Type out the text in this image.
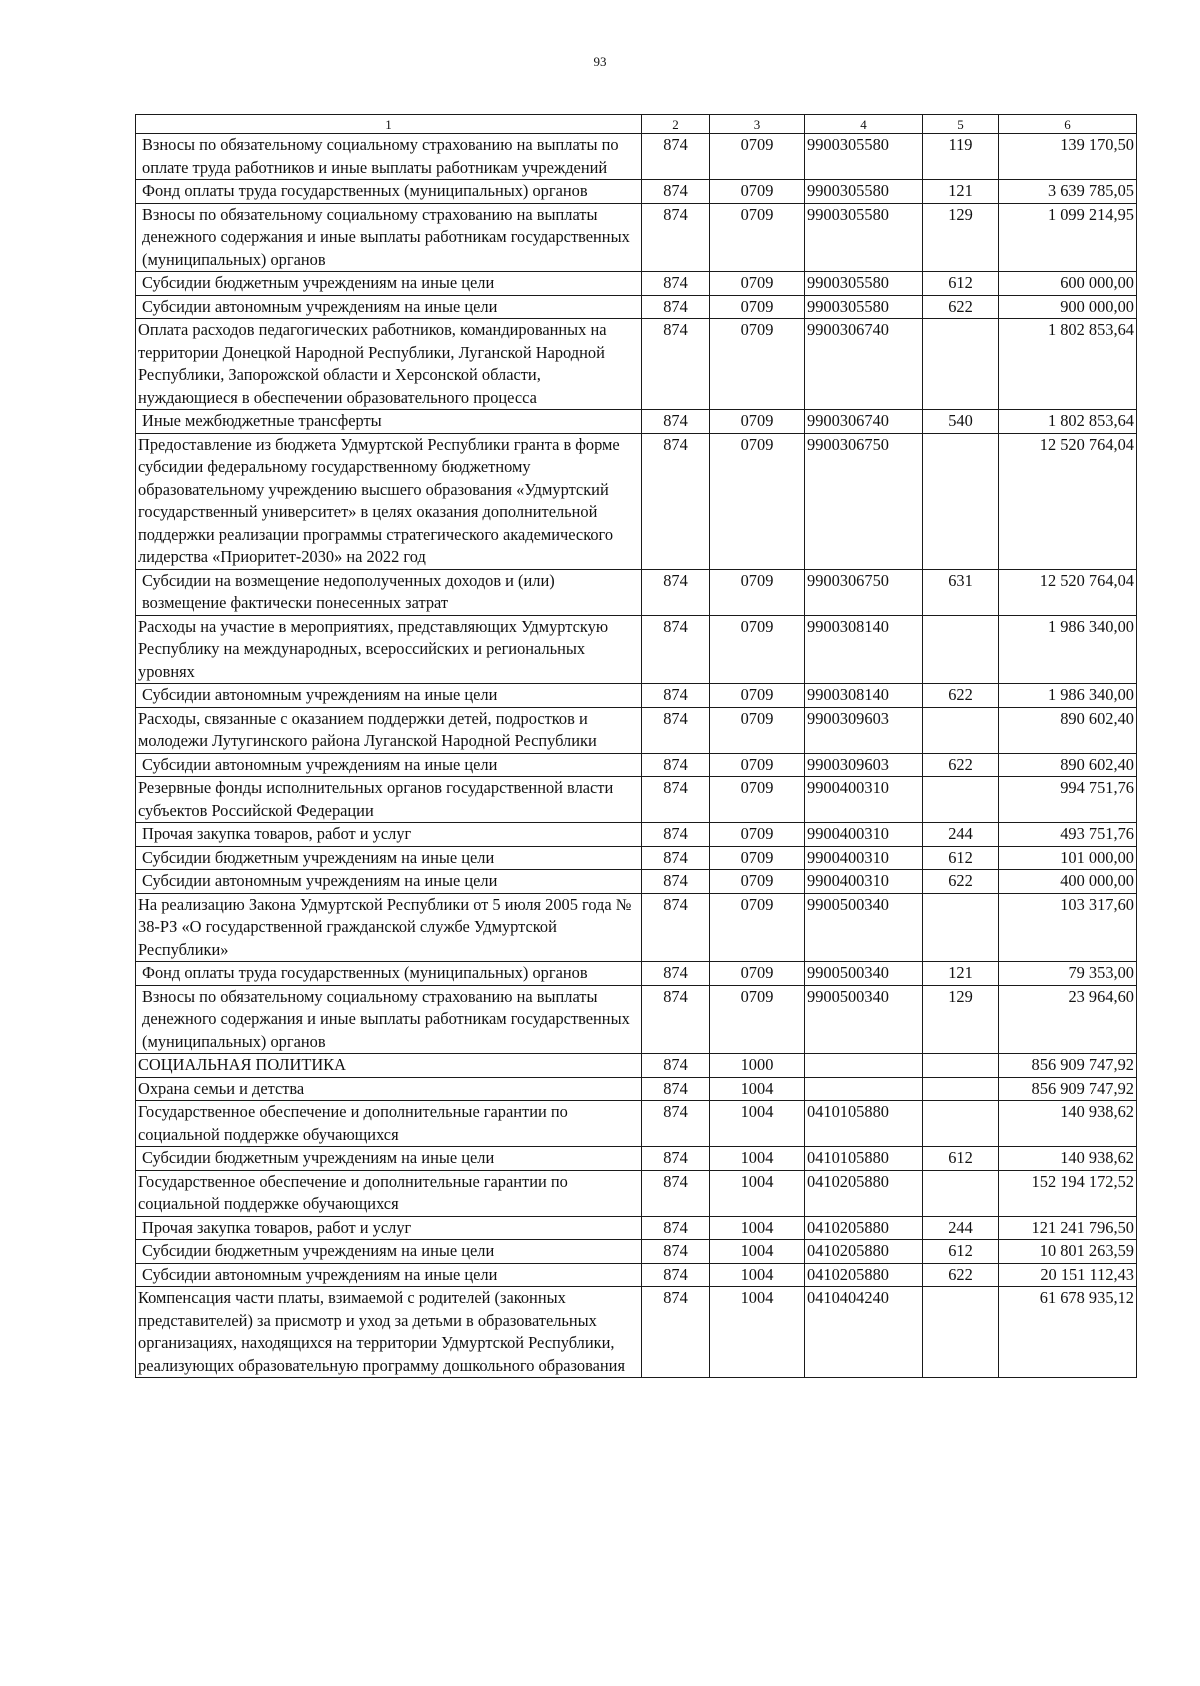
93
1	2	3	4	5	6
Взносы по обязательному социальному страхованию на выплаты по оплате труда работников и иные выплаты работникам учреждений	874	0709	9900305580	119	139 170,50
Фонд оплаты труда государственных (муниципальных) органов	874	0709	9900305580	121	3 639 785,05
Взносы по обязательному социальному страхованию на выплаты денежного содержания и иные выплаты работникам государственных (муниципальных) органов	874	0709	9900305580	129	1 099 214,95
Субсидии бюджетным учреждениям на иные цели	874	0709	9900305580	612	600 000,00
Субсидии автономным учреждениям на иные цели	874	0709	9900305580	622	900 000,00
Оплата расходов педагогических работников, командированных на территории Донецкой Народной Республики, Луганской Народной Республики, Запорожской области и Херсонской области, нуждающиеся в обеспечении образовательного процесса	874	0709	9900306740		1 802 853,64
Иные межбюджетные трансферты	874	0709	9900306740	540	1 802 853,64
Предоставление из бюджета Удмуртской Республики гранта в форме субсидии федеральному государственному бюджетному образовательному учреждению высшего образования «Удмуртский государственный университет» в целях оказания дополнительной поддержки реализации программы стратегического академического лидерства «Приоритет-2030» на 2022 год	874	0709	9900306750		12 520 764,04
Субсидии на возмещение недополученных доходов и (или) возмещение фактически понесенных затрат	874	0709	9900306750	631	12 520 764,04
Расходы на участие в мероприятиях, представляющих Удмуртскую Республику на международных, всероссийских и региональных уровнях	874	0709	9900308140		1 986 340,00
Субсидии автономным учреждениям на иные цели	874	0709	9900308140	622	1 986 340,00
Расходы, связанные с оказанием поддержки детей, подростков и молодежи Лутугинского района Луганской Народной Республики	874	0709	9900309603		890 602,40
Субсидии автономным учреждениям на иные цели	874	0709	9900309603	622	890 602,40
Резервные фонды исполнительных органов государственной власти субъектов Российской Федерации	874	0709	9900400310		994 751,76
Прочая закупка товаров, работ и услуг	874	0709	9900400310	244	493 751,76
Субсидии бюджетным учреждениям на иные цели	874	0709	9900400310	612	101 000,00
Субсидии автономным учреждениям на иные цели	874	0709	9900400310	622	400 000,00
На реализацию Закона Удмуртской Республики от 5 июля 2005 года № 38-РЗ «О государственной гражданской службе Удмуртской Республики»	874	0709	9900500340		103 317,60
Фонд оплаты труда государственных (муниципальных) органов	874	0709	9900500340	121	79 353,00
Взносы по обязательному социальному страхованию на выплаты денежного содержания и иные выплаты работникам государственных (муниципальных) органов	874	0709	9900500340	129	23 964,60
СОЦИАЛЬНАЯ ПОЛИТИКА	874	1000			856 909 747,92
Охрана семьи и детства	874	1004			856 909 747,92
Государственное обеспечение и дополнительные гарантии по социальной поддержке обучающихся	874	1004	0410105880		140 938,62
Субсидии бюджетным учреждениям на иные цели	874	1004	0410105880	612	140 938,62
Государственное обеспечение и дополнительные гарантии по социальной поддержке обучающихся	874	1004	0410205880		152 194 172,52
Прочая закупка товаров, работ и услуг	874	1004	0410205880	244	121 241 796,50
Субсидии бюджетным учреждениям на иные цели	874	1004	0410205880	612	10 801 263,59
Субсидии автономным учреждениям на иные цели	874	1004	0410205880	622	20 151 112,43
Компенсация части платы, взимаемой с родителей (законных представителей) за присмотр и уход за детьми в образовательных организациях, находящихся на территории Удмуртской Республики, реализующих образовательную программу дошкольного образования	874	1004	0410404240		61 678 935,12
